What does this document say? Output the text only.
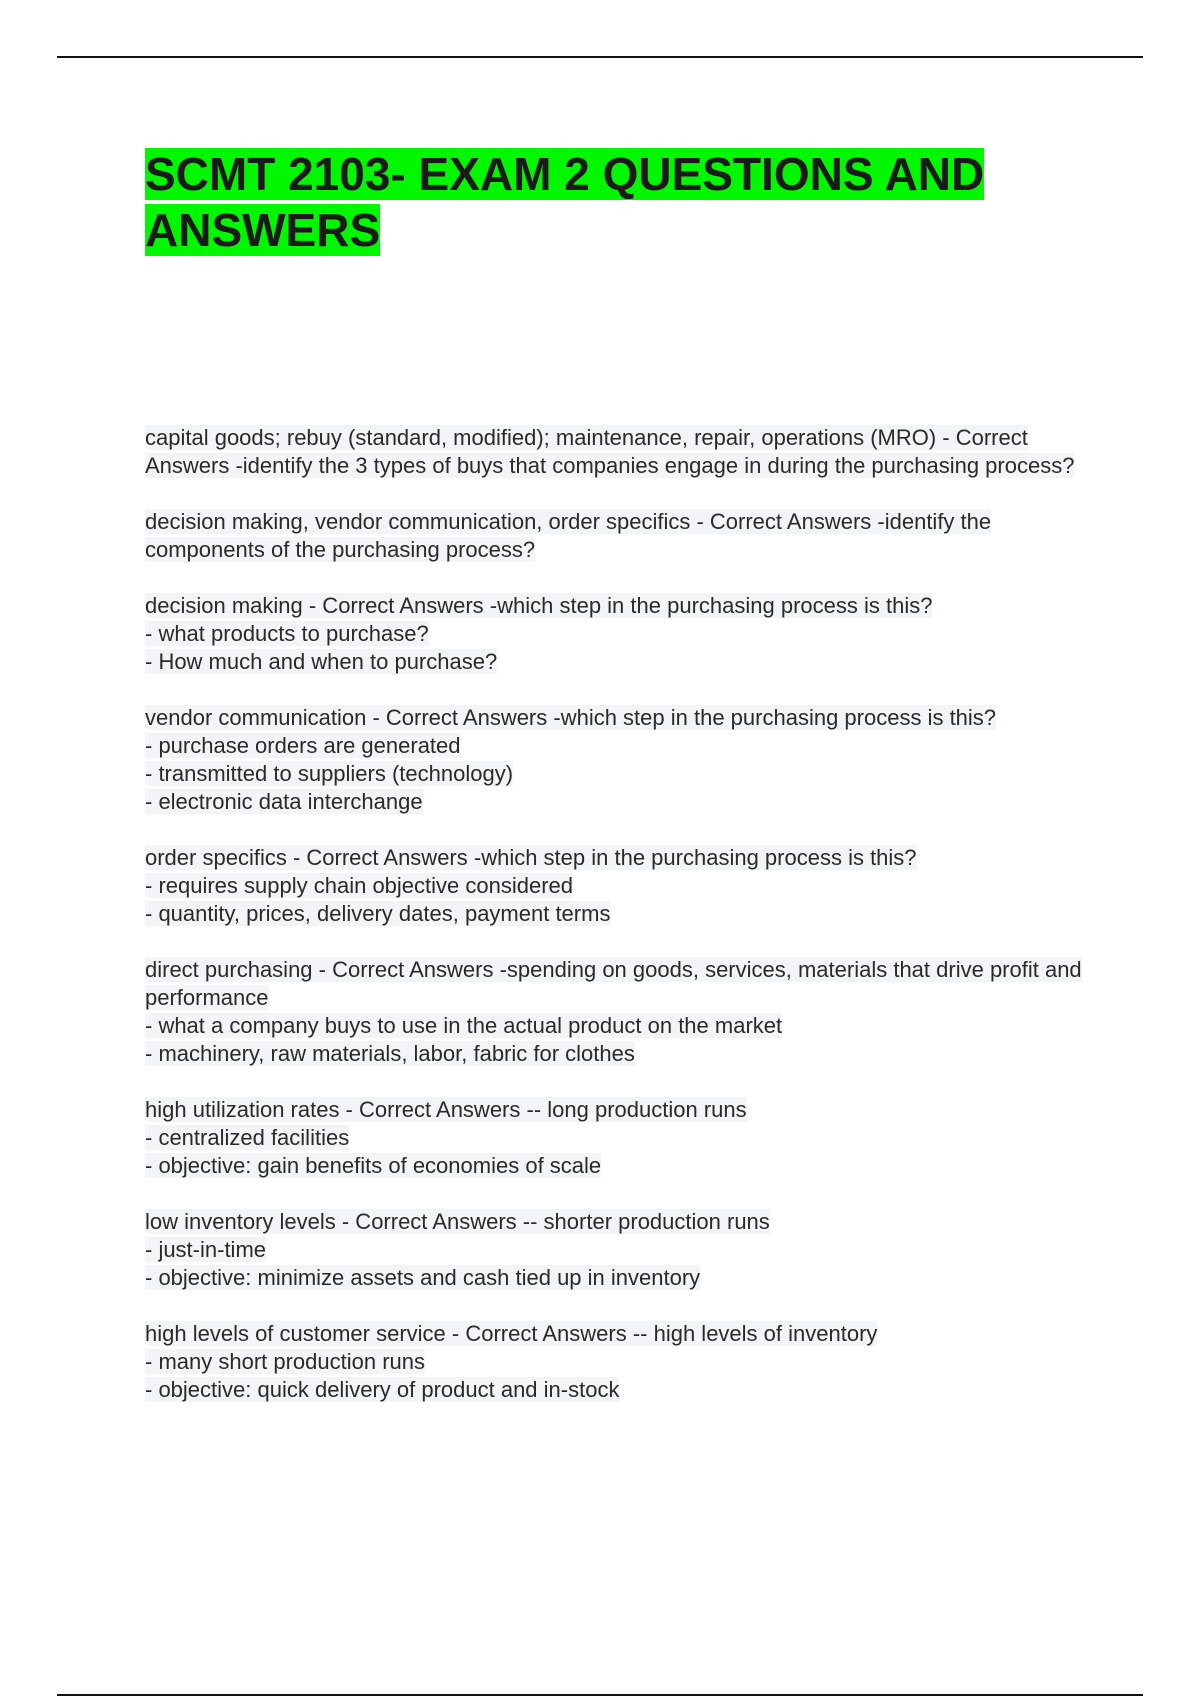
SCMT 2103- EXAM 2 QUESTIONS AND ANSWERS
capital goods; rebuy (standard, modified); maintenance, repair, operations (MRO) - Correct Answers -identify the 3 types of buys that companies engage in during the purchasing process?
decision making, vendor communication, order specifics - Correct Answers -identify the components of the purchasing process?
decision making - Correct Answers -which step in the purchasing process is this?
- what products to purchase?
- How much and when to purchase?
vendor communication - Correct Answers -which step in the purchasing process is this?
- purchase orders are generated
- transmitted to suppliers (technology)
- electronic data interchange
order specifics - Correct Answers -which step in the purchasing process is this?
- requires supply chain objective considered
- quantity, prices, delivery dates, payment terms
direct purchasing - Correct Answers -spending on goods, services, materials that drive profit and performance
- what a company buys to use in the actual product on the market
- machinery, raw materials, labor, fabric for clothes
high utilization rates - Correct Answers -- long production runs
- centralized facilities
- objective: gain benefits of economies of scale
low inventory levels - Correct Answers -- shorter production runs
- just-in-time
- objective: minimize assets and cash tied up in inventory
high levels of customer service - Correct Answers -- high levels of inventory
- many short production runs
- objective: quick delivery of product and in-stock
